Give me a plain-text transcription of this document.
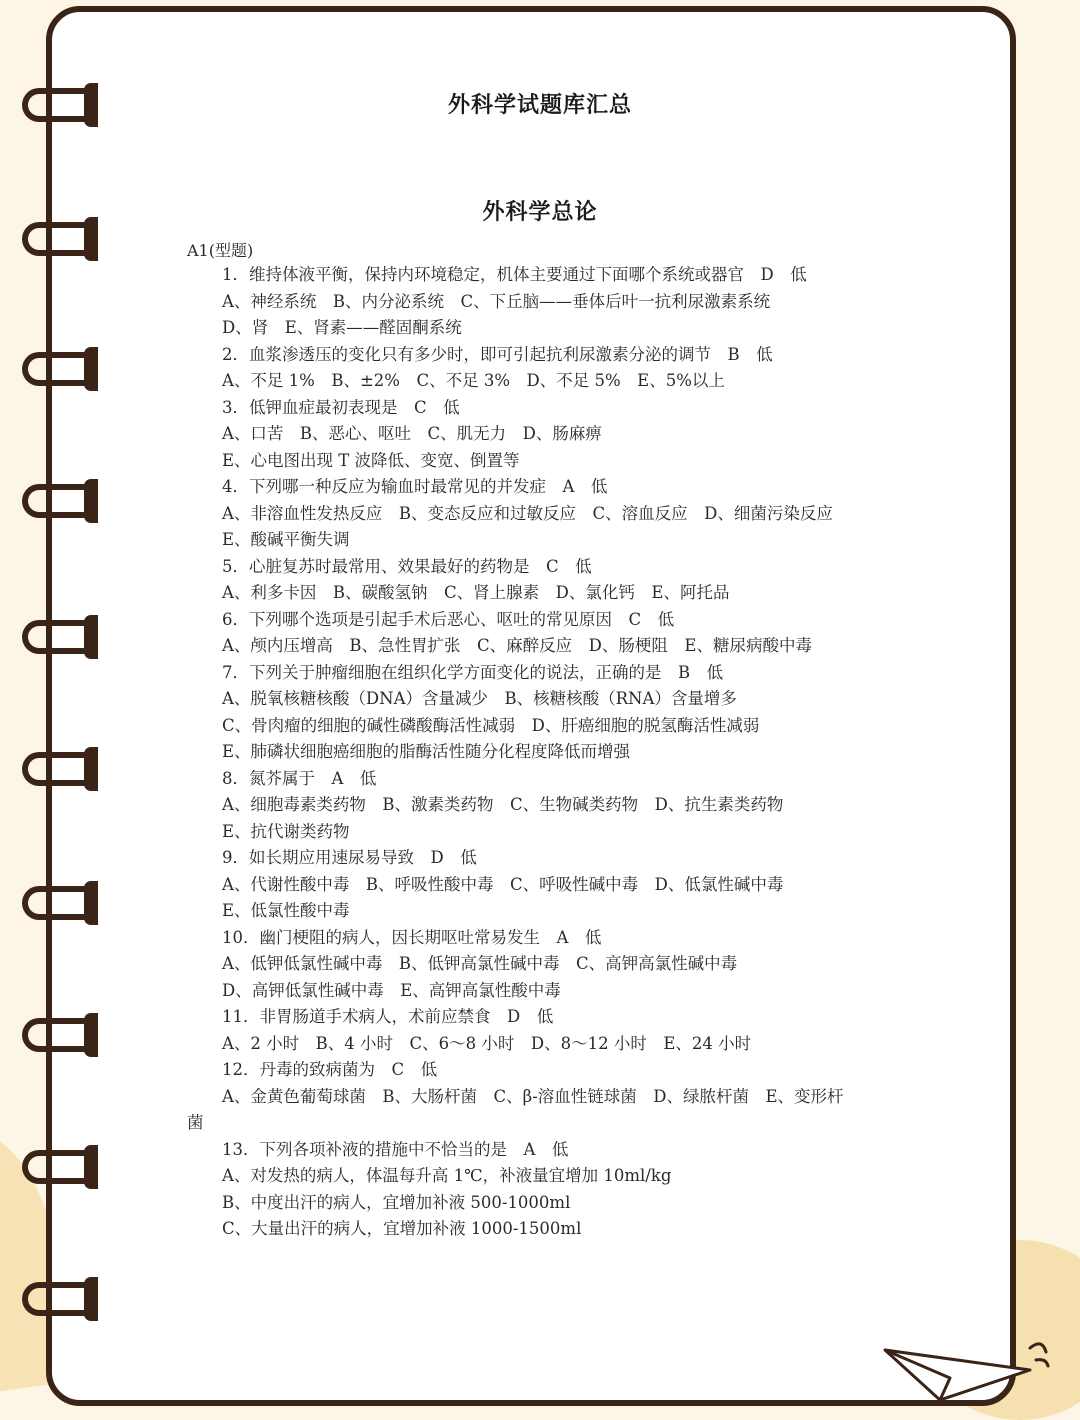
外科学试题库汇总
外科学总论
A1(型题)
1．维持体液平衡，保持内环境稳定，机体主要通过下面哪个系统或器官　D　低
A、神经系统　B、内分泌系统　C、下丘脑——垂体后叶一抗利尿激素系统
D、肾　E、肾素——醛固酮系统
2．血浆渗透压的变化只有多少时，即可引起抗利尿激素分泌的调节　B　低
A、不足 1%　B、±2%　C、不足 3%　D、不足 5%　E、5%以上
3．低钾血症最初表现是　C　低
A、口苦　B、恶心、呕吐　C、肌无力　D、肠麻痹
E、心电图出现 T 波降低、变宽、倒置等
4．下列哪一种反应为输血时最常见的并发症　A　低
A、非溶血性发热反应　B、变态反应和过敏反应　C、溶血反应　D、细菌污染反应
E、酸碱平衡失调
5．心脏复苏时最常用、效果最好的药物是　C　低
A、利多卡因　B、碳酸氢钠　C、肾上腺素　D、氯化钙　E、阿托品
6．下列哪个选项是引起手术后恶心、呕吐的常见原因　C　低
A、颅内压增高　B、急性胃扩张　C、麻醉反应　D、肠梗阻　E、糖尿病酸中毒
7．下列关于肿瘤细胞在组织化学方面变化的说法，正确的是　B　低
A、脱氧核糖核酸（DNA）含量减少　B、核糖核酸（RNA）含量增多
C、骨肉瘤的细胞的碱性磷酸酶活性减弱　D、肝癌细胞的脱氢酶活性减弱
E、肺磷状细胞癌细胞的脂酶活性随分化程度降低而增强
8．氮芥属于　A　低
A、细胞毒素类药物　B、激素类药物　C、生物碱类药物　D、抗生素类药物
E、抗代谢类药物
9．如长期应用速尿易导致　D　低
A、代谢性酸中毒　B、呼吸性酸中毒　C、呼吸性碱中毒　D、低氯性碱中毒
E、低氯性酸中毒
10．幽门梗阻的病人，因长期呕吐常易发生　A　低
A、低钾低氯性碱中毒　B、低钾高氯性碱中毒　C、高钾高氯性碱中毒
D、高钾低氯性碱中毒　E、高钾高氯性酸中毒
11．非胃肠道手术病人，术前应禁食　D　低
A、2 小时　B、4 小时　C、6～8 小时　D、8～12 小时　E、24 小时
12．丹毒的致病菌为　C　低
A、金黄色葡萄球菌　B、大肠杆菌　C、β-溶血性链球菌　D、绿脓杆菌　E、变形杆
菌
13．下列各项补液的措施中不恰当的是　A　低
A、对发热的病人，体温每升高 1℃，补液量宜增加 10ml/kg
B、中度出汗的病人，宜增加补液 500-1000ml
C、大量出汗的病人，宜增加补液 1000-1500ml
